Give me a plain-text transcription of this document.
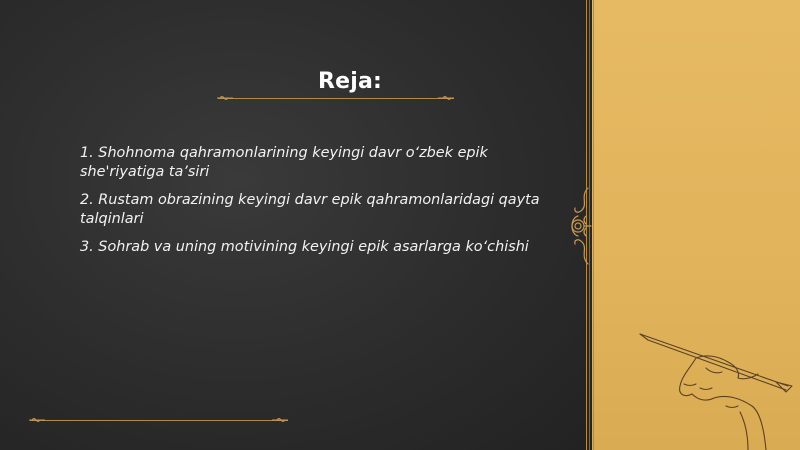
Reja:
1. Shohnoma qahramonlarining keyingi davr o‘zbek epik she'riyatiga ta’siri
2. Rustam obrazining keyingi davr epik qahramonlaridagi qayta talqinlari
3. Sohrab va uning motivining keyingi epik asarlarga ko‘chishi
